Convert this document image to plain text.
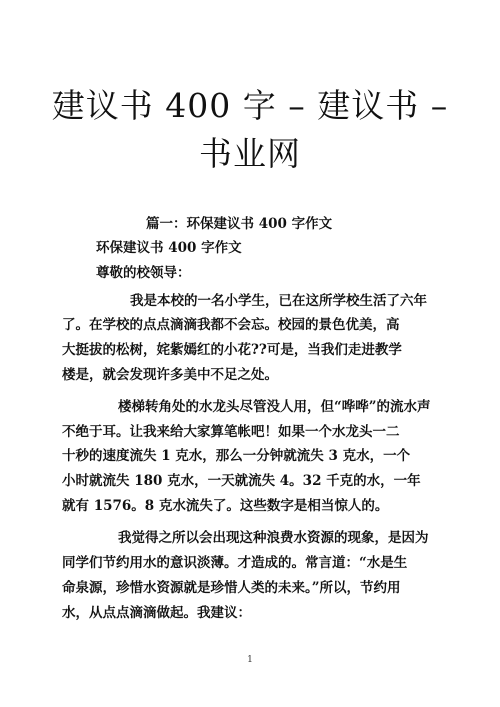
建议书 400 字 – 建议书 –
书业网
篇一：环保建议书 400 字作文
环保建议书 400 字作文
尊敬的校领导：
我是本校的一名小学生，已在这所学校生活了六年
了。在学校的点点滴滴我都不会忘。校园的景色优美，高
大挺拔的松树，姹紫嫣红的小花??可是，当我们走进教学
楼是，就会发现许多美中不足之处。
楼梯转角处的水龙头尽管没人用，但“哗哗”的流水声
不绝于耳。让我来给大家算笔帐吧！如果一个水龙头一二
十秒的速度流失 1 克水，那么一分钟就流失 3 克水，一个
小时就流失 180 克水，一天就流失 4。32 千克的水，一年
就有 1576。8 克水流失了。这些数字是相当惊人的。
我觉得之所以会出现这种浪费水资源的现象，是因为
同学们节约用水的意识淡薄。才造成的。常言道：“水是生
命泉源，珍惜水资源就是珍惜人类的未来。”所以，节约用
水，从点点滴滴做起。我建议：
1
